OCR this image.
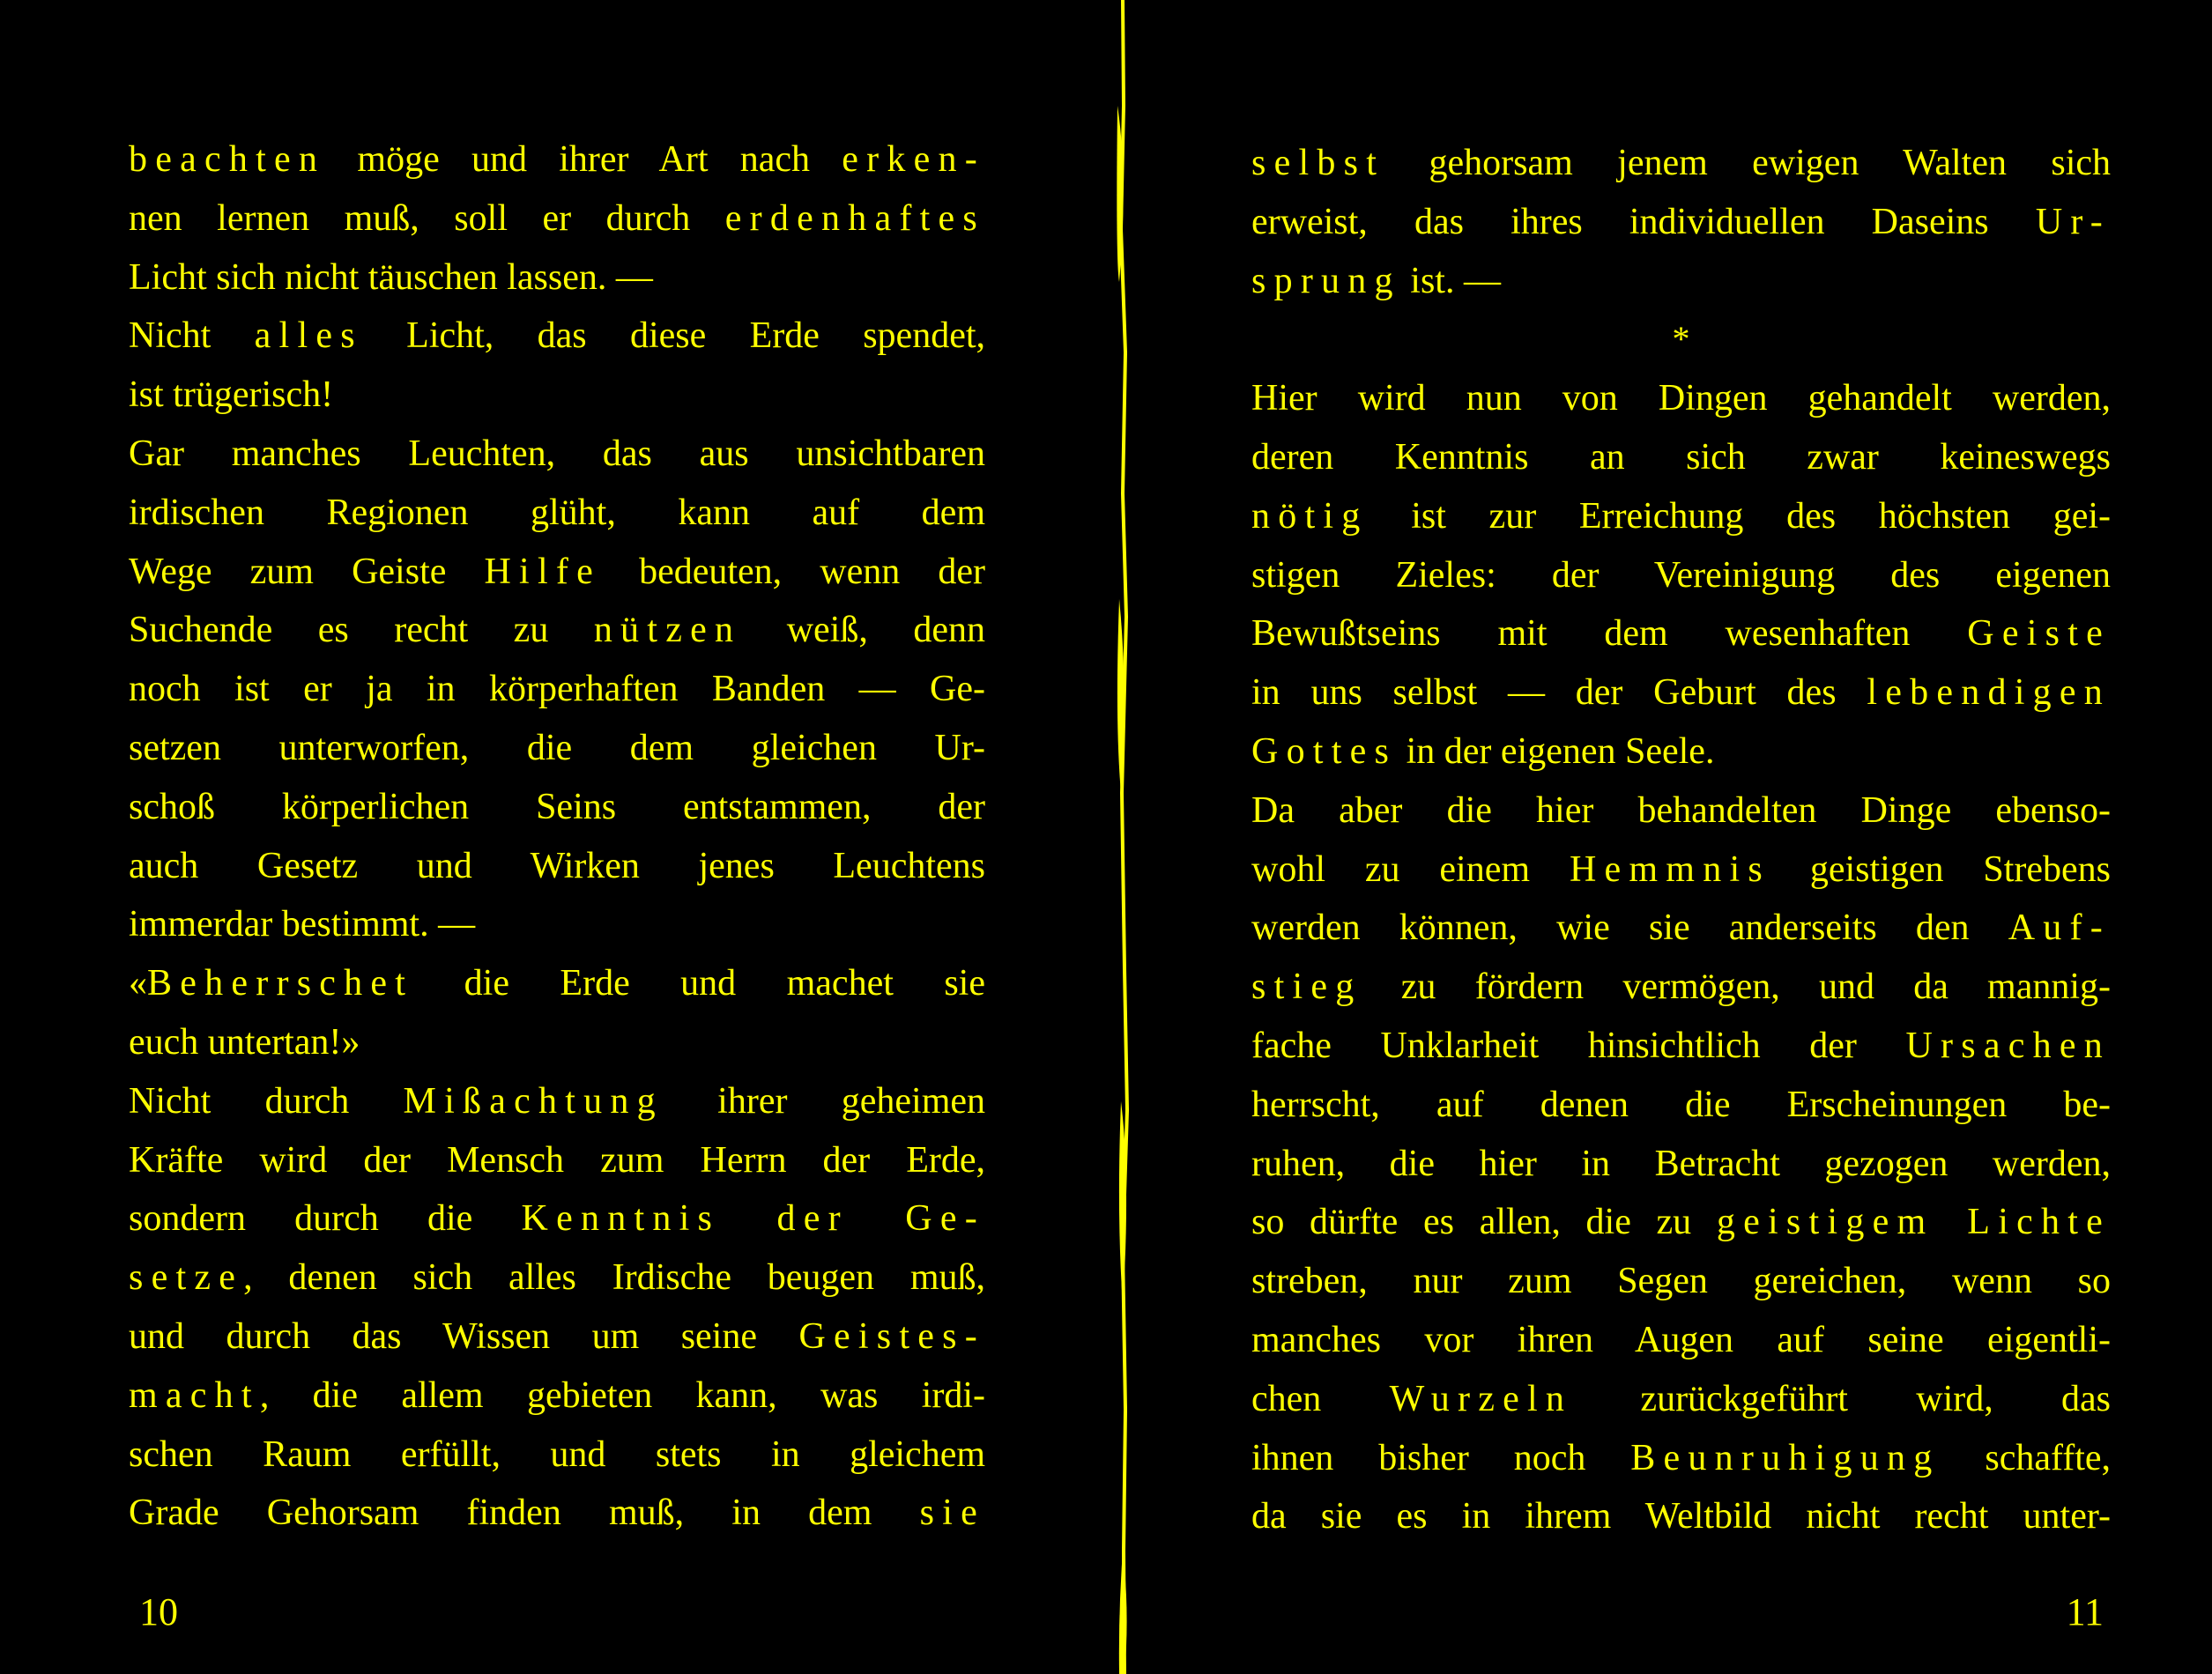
beachten möge und ihrer Art nach erken-
nen lernen muß, soll er durch erdenhaftes
Licht sich nicht täuschen lassen. —
Nicht alles Licht, das diese Erde spendet,
ist trügerisch!
Gar manches Leuchten, das aus unsichtbaren
irdischen Regionen glüht, kann auf dem
Wege zum Geiste Hilfe bedeuten, wenn der
Suchende es recht zu nützen weiß, denn
noch ist er ja in körperhaften Banden — Ge-
setzen unterworfen, die dem gleichen Ur-
schoß körperlichen Seins entstammen, der
auch Gesetz und Wirken jenes Leuchtens
immerdar bestimmt. —
«Beherrschet die Erde und machet sie
euch untertan!»
Nicht durch Mißachtung ihrer geheimen
Kräfte wird der Mensch zum Herrn der Erde,
sondern durch die Kenntnis der Ge-
setze, denen sich alles Irdische beugen muß,
und durch das Wissen um seine Geistes-
macht, die allem gebieten kann, was irdi-
schen Raum erfüllt, und stets in gleichem
Grade Gehorsam finden muß, in dem sie
10
selbst gehorsam jenem ewigen Walten sich
erweist, das ihres individuellen Daseins Ur-
sprung ist. —
*
Hier wird nun von Dingen gehandelt werden,
deren Kenntnis an sich zwar keineswegs
nötig ist zur Erreichung des höchsten gei-
stigen Zieles: der Vereinigung des eigenen
Bewußtseins mit dem wesenhaften Geiste
in uns selbst — der Geburt des lebendigen
Gottes in der eigenen Seele.
Da aber die hier behandelten Dinge ebenso-
wohl zu einem Hemmnis geistigen Strebens
werden können, wie sie anderseits den Auf-
stieg zu fördern vermögen, und da mannig-
fache Unklarheit hinsichtlich der Ursachen
herrscht, auf denen die Erscheinungen be-
ruhen, die hier in Betracht gezogen werden,
so dürfte es allen, die zu geistigem Lichte
streben, nur zum Segen gereichen, wenn so
manches vor ihren Augen auf seine eigentli-
chen Wurzeln zurückgeführt wird, das
ihnen bisher noch Beunruhigung schaffte,
da sie es in ihrem Weltbild nicht recht unter-
11
